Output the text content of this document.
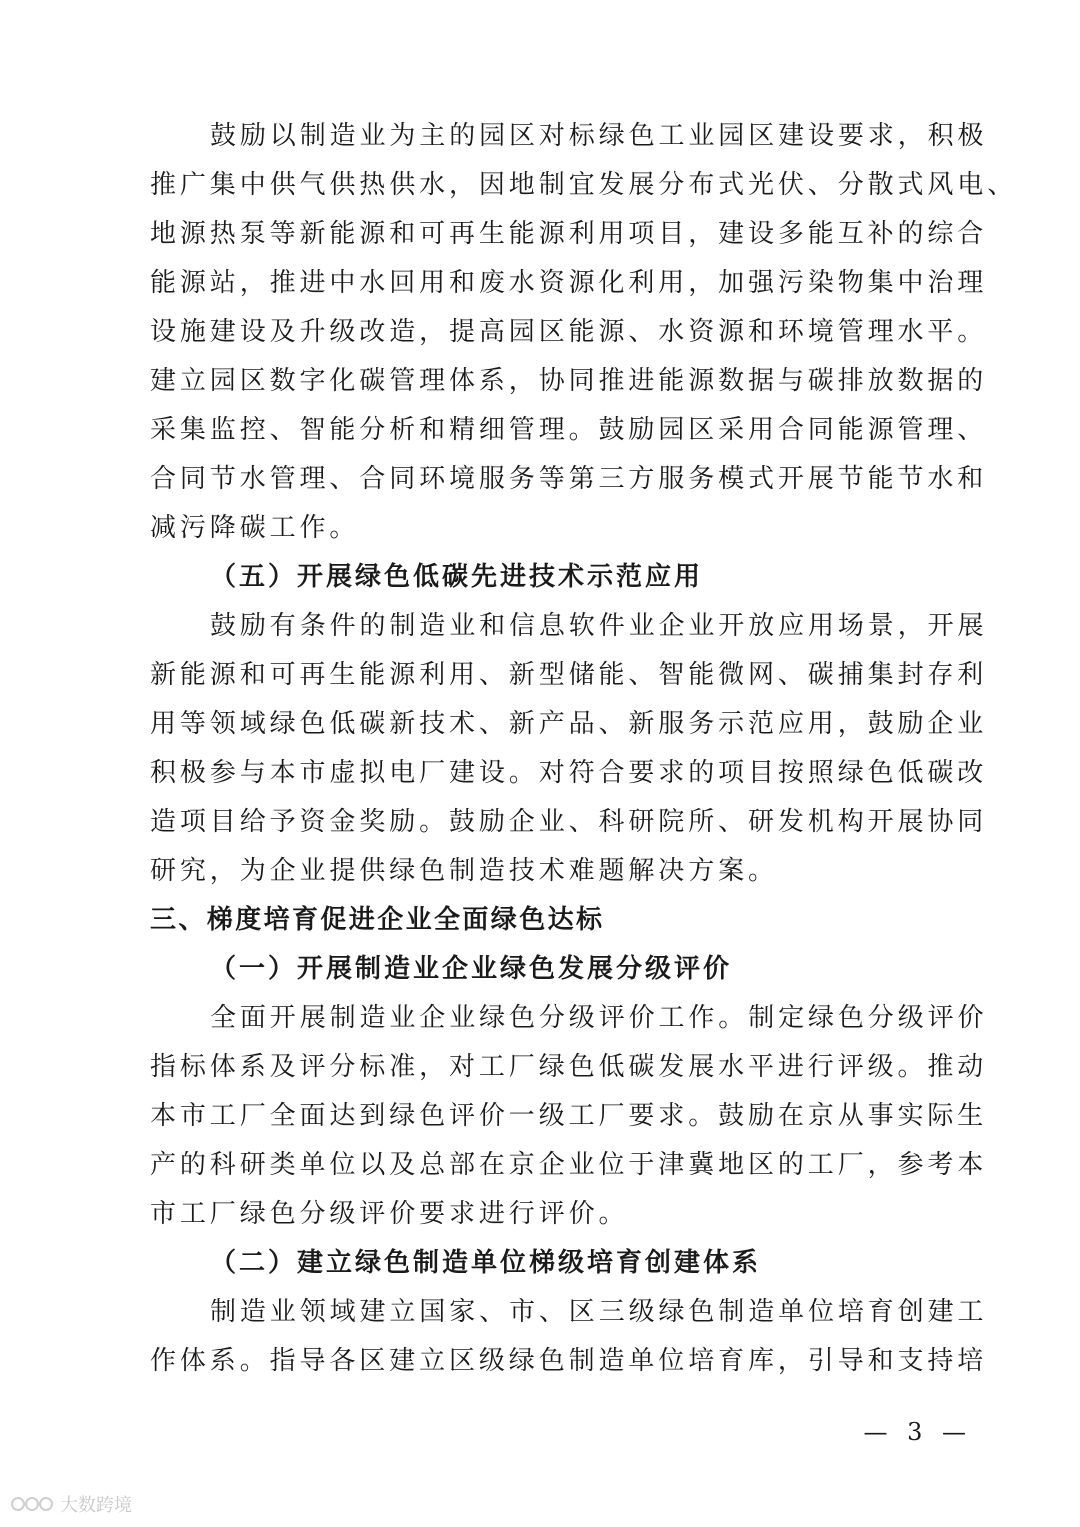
鼓励以制造业为主的园区对标绿色工业园区建设要求，积极
推广集中供气供热供水，因地制宜发展分布式光伏、分散式风电、
地源热泵等新能源和可再生能源利用项目，建设多能互补的综合
能源站，推进中水回用和废水资源化利用，加强污染物集中治理
设施建设及升级改造，提高园区能源、水资源和环境管理水平。
建立园区数字化碳管理体系，协同推进能源数据与碳排放数据的
采集监控、智能分析和精细管理。鼓励园区采用合同能源管理、
合同节水管理、合同环境服务等第三方服务模式开展节能节水和
减污降碳工作。
（五）开展绿色低碳先进技术示范应用
鼓励有条件的制造业和信息软件业企业开放应用场景，开展
新能源和可再生能源利用、新型储能、智能微网、碳捕集封存利
用等领域绿色低碳新技术、新产品、新服务示范应用，鼓励企业
积极参与本市虚拟电厂建设。对符合要求的项目按照绿色低碳改
造项目给予资金奖励。鼓励企业、科研院所、研发机构开展协同
研究，为企业提供绿色制造技术难题解决方案。
三、梯度培育促进企业全面绿色达标
（一）开展制造业企业绿色发展分级评价
全面开展制造业企业绿色分级评价工作。制定绿色分级评价
指标体系及评分标准，对工厂绿色低碳发展水平进行评级。推动
本市工厂全面达到绿色评价一级工厂要求。鼓励在京从事实际生
产的科研类单位以及总部在京企业位于津冀地区的工厂，参考本
市工厂绿色分级评价要求进行评价。
（二）建立绿色制造单位梯级培育创建体系
制造业领域建立国家、市、区三级绿色制造单位培育创建工
作体系。指导各区建立区级绿色制造单位培育库，引导和支持培
— 3 —
大数跨境
